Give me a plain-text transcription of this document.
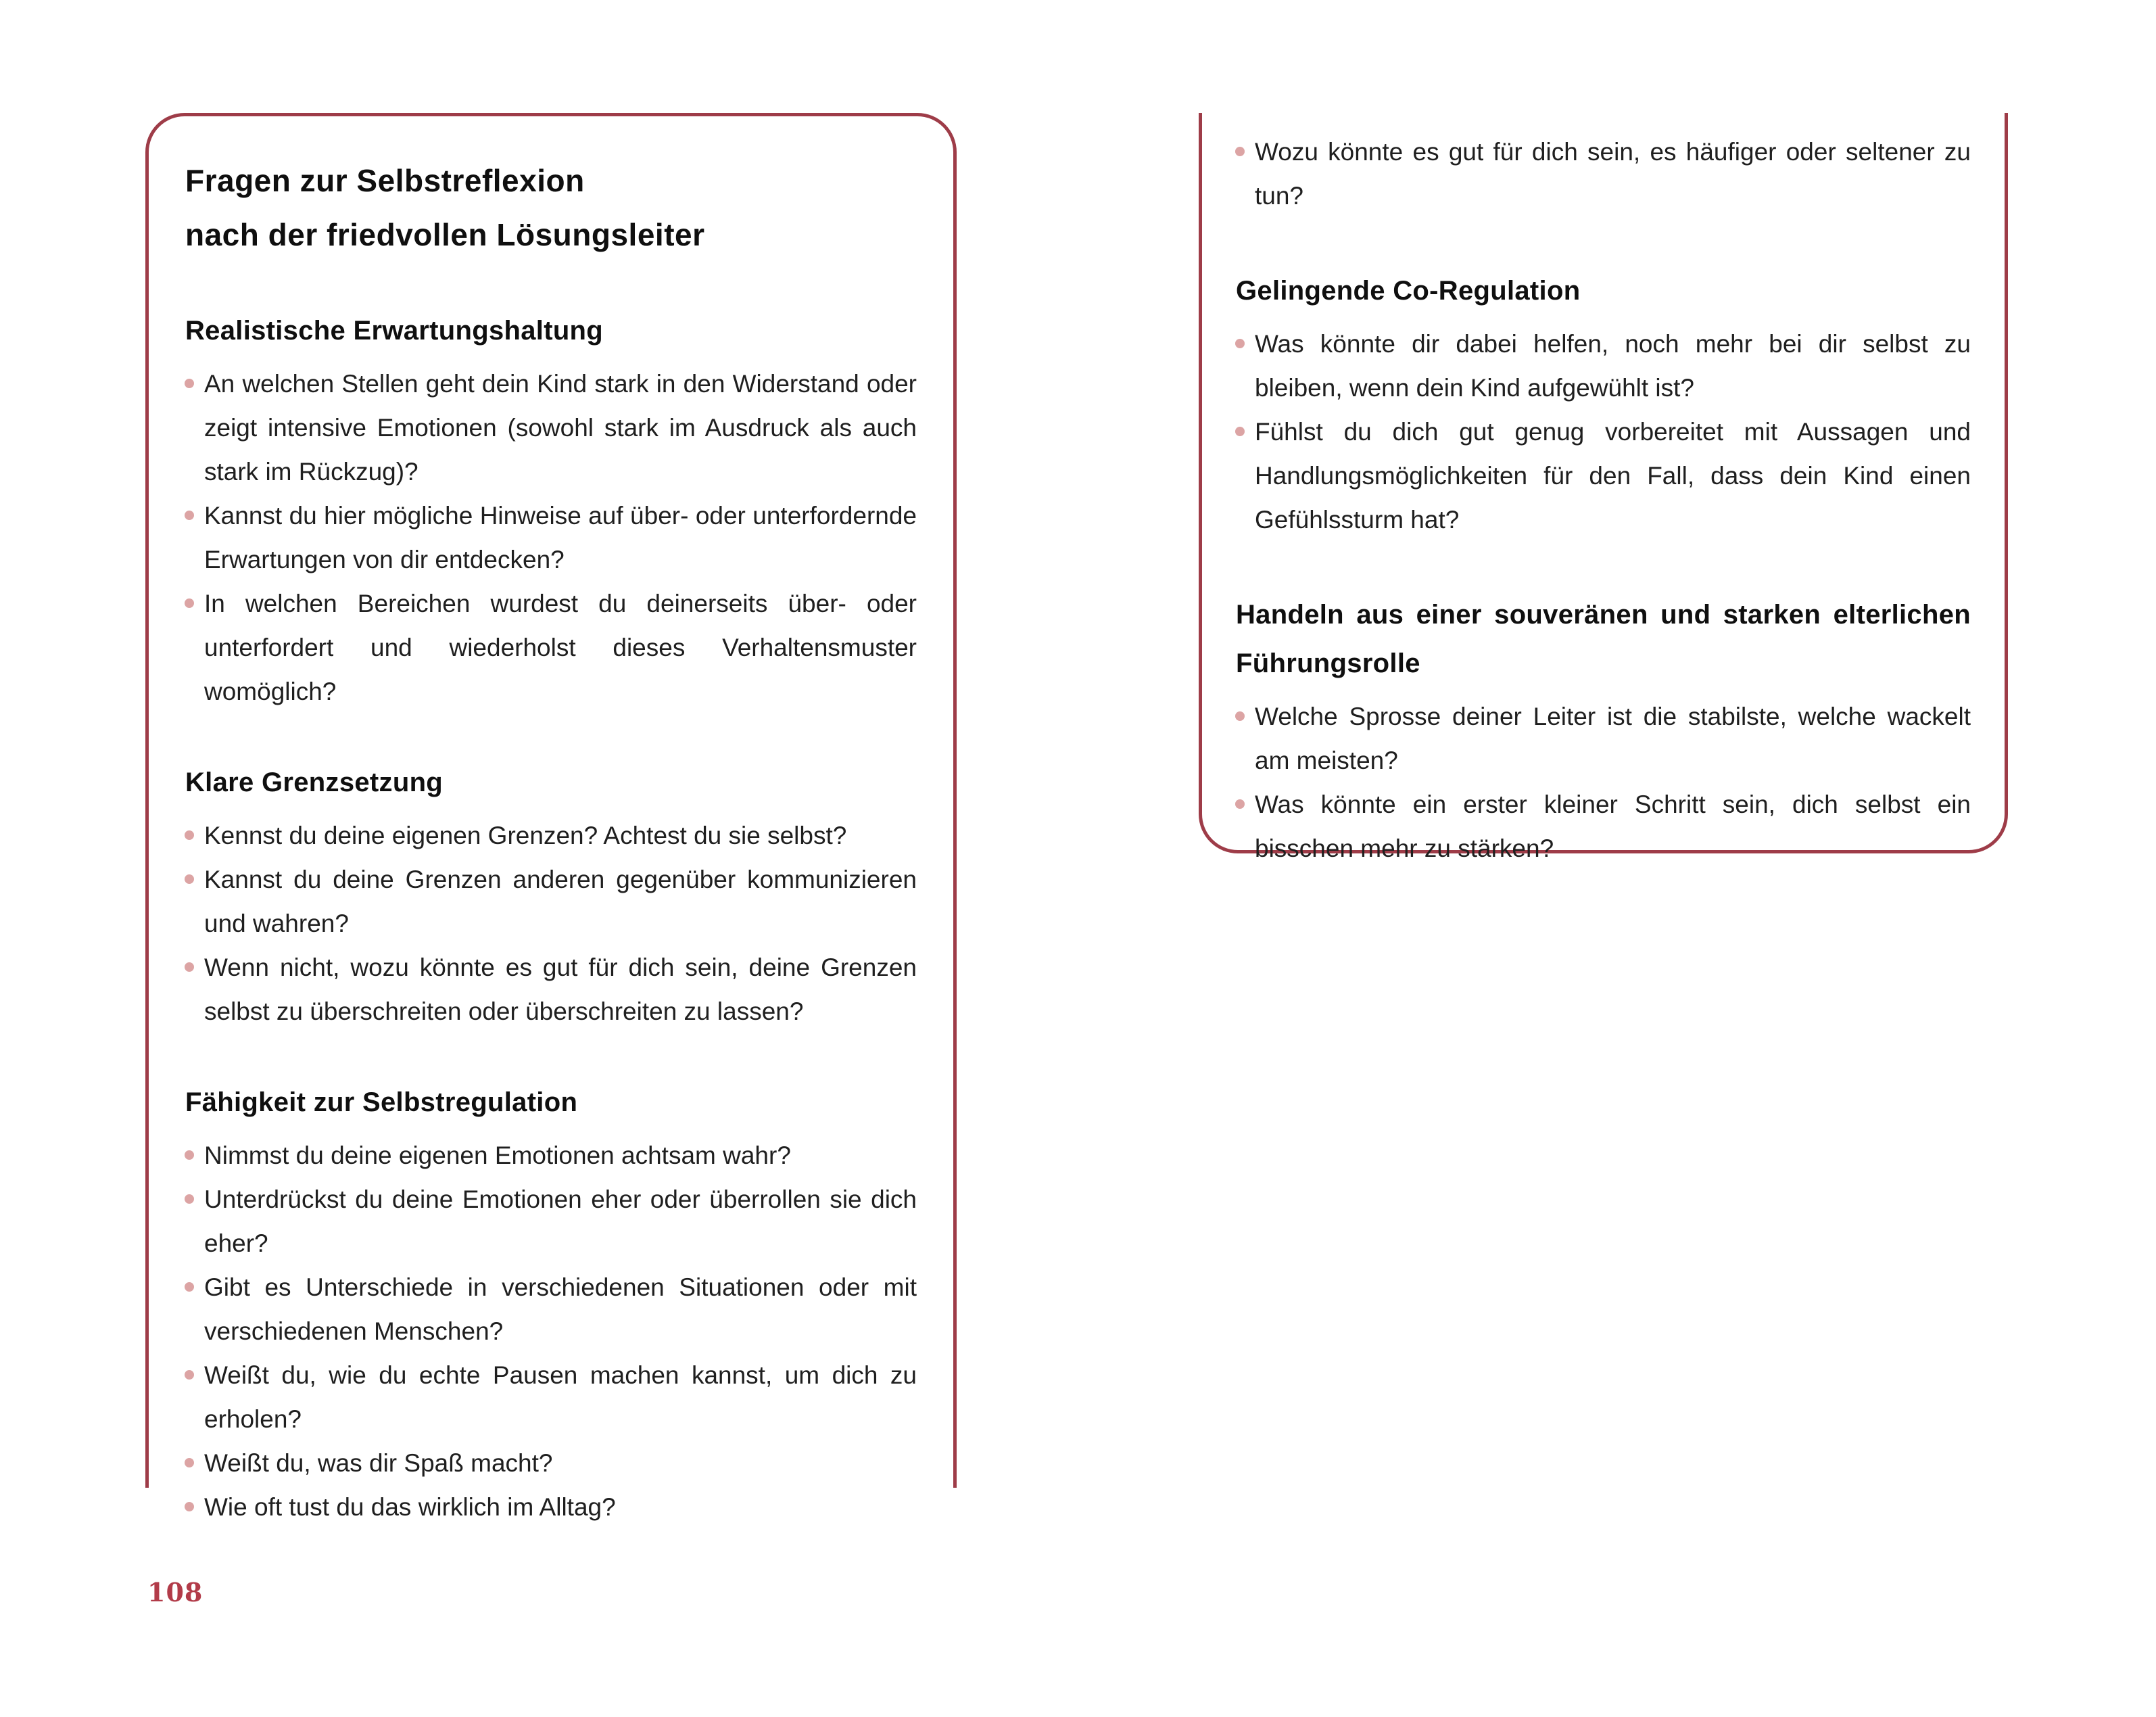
Fragen zur Selbstreflexion
nach der friedvollen Lösungsleiter
Realistische Erwartungshaltung
An welchen Stellen geht dein Kind stark in den Widerstand oder zeigt intensive Emotionen (sowohl stark im Ausdruck als auch stark im Rückzug)?
Kannst du hier mögliche Hinweise auf über- oder unterfordernde Erwartungen von dir entdecken?
In welchen Bereichen wurdest du deinerseits über- oder unterfordert und wiederholst dieses Verhaltensmuster womöglich?
Klare Grenzsetzung
Kennst du deine eigenen Grenzen? Achtest du sie selbst?
Kannst du deine Grenzen anderen gegenüber kommunizieren und wahren?
Wenn nicht, wozu könnte es gut für dich sein, deine Grenzen selbst zu überschreiten oder überschreiten zu lassen?
Fähigkeit zur Selbstregulation
Nimmst du deine eigenen Emotionen achtsam wahr?
Unterdrückst du deine Emotionen eher oder überrollen sie dich eher?
Gibt es Unterschiede in verschiedenen Situationen oder mit verschiedenen Menschen?
Weißt du, wie du echte Pausen machen kannst, um dich zu erholen?
Weißt du, was dir Spaß macht?
Wie oft tust du das wirklich im Alltag?
Wozu könnte es gut für dich sein, es häufiger oder seltener zu tun?
Gelingende Co-Regulation
Was könnte dir dabei helfen, noch mehr bei dir selbst zu bleiben, wenn dein Kind aufgewühlt ist?
Fühlst du dich gut genug vorbereitet mit Aussagen und Handlungsmöglichkeiten für den Fall, dass dein Kind einen Gefühlssturm hat?
Handeln aus einer souveränen und starken elterlichen Führungsrolle
Welche Sprosse deiner Leiter ist die stabilste, welche wackelt am meisten?
Was könnte ein erster kleiner Schritt sein, dich selbst ein bisschen mehr zu stärken?
108
